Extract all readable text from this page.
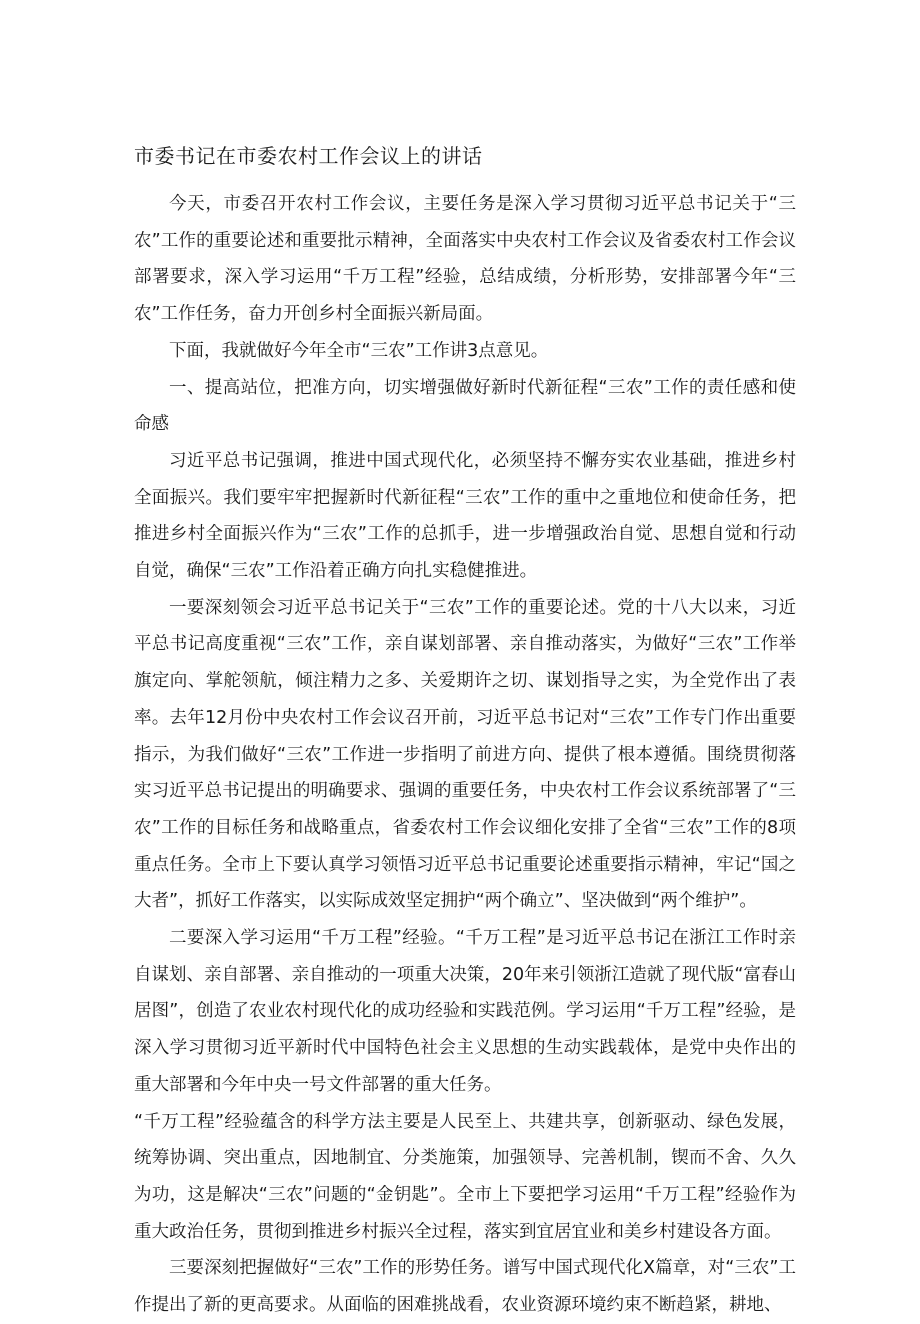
市委书记在市委农村工作会议上的讲话

今天，市委召开农村工作会议，主要任务是深入学习贯彻习近平总书记关于“三农”工作的重要论述和重要批示精神，全面落实中央农村工作会议及省委农村工作会议部署要求，深入学习运用“千万工程”经验，总结成绩，分析形势，安排部署今年“三农”工作任务，奋力开创乡村全面振兴新局面。

下面，我就做好今年全市“三农”工作讲3点意见。

一、提高站位，把准方向，切实增强做好新时代新征程“三农”工作的责任感和使命感

习近平总书记强调，推进中国式现代化，必须坚持不懈夯实农业基础，推进乡村全面振兴。我们要牢牢把握新时代新征程“三农”工作的重中之重地位和使命任务，把推进乡村全面振兴作为“三农”工作的总抓手，进一步增强政治自觉、思想自觉和行动自觉，确保“三农”工作沿着正确方向扎实稳健推进。

一要深刻领会习近平总书记关于“三农”工作的重要论述。党的十八大以来，习近平总书记高度重视“三农”工作，亲自谋划部署、亲自推动落实，为做好“三农”工作举旗定向、掌舵领航，倾注精力之多、关爱期许之切、谋划指导之实，为全党作出了表率。去年12月份中央农村工作会议召开前，习近平总书记对“三农”工作专门作出重要指示，为我们做好“三农”工作进一步指明了前进方向、提供了根本遵循。围绕贯彻落实习近平总书记提出的明确要求、强调的重要任务，中央农村工作会议系统部署了“三农”工作的目标任务和战略重点，省委农村工作会议细化安排了全省“三农”工作的8项重点任务。全市上下要认真学习领悟习近平总书记重要论述重要指示精神，牢记“国之大者”，抓好工作落实，以实际成效坚定拥护“两个确立”、坚决做到“两个维护”。

二要深入学习运用“千万工程”经验。“千万工程”是习近平总书记在浙江工作时亲自谋划、亲自部署、亲自推动的一项重大决策，20年来引领浙江造就了现代版“富春山居图”，创造了农业农村现代化的成功经验和实践范例。学习运用“千万工程”经验，是深入学习贯彻习近平新时代中国特色社会主义思想的生动实践载体，是党中央作出的重大部署和今年中央一号文件部署的重大任务。

“千万工程”经验蕴含的科学方法主要是人民至上、共建共享，创新驱动、绿色发展，统筹协调、突出重点，因地制宜、分类施策，加强领导、完善机制，锲而不舍、久久为功，这是解决“三农”问题的“金钥匙”。全市上下要把学习运用“千万工程”经验作为重大政治任务，贯彻到推进乡村振兴全过程，落实到宜居宜业和美乡村建设各方面。

三要深刻把握做好“三农”工作的形势任务。谱写中国式现代化X篇章，对“三农”工作提出了新的更高要求。从面临的困难挑战看，农业资源环境约束不断趋紧，耕地、
